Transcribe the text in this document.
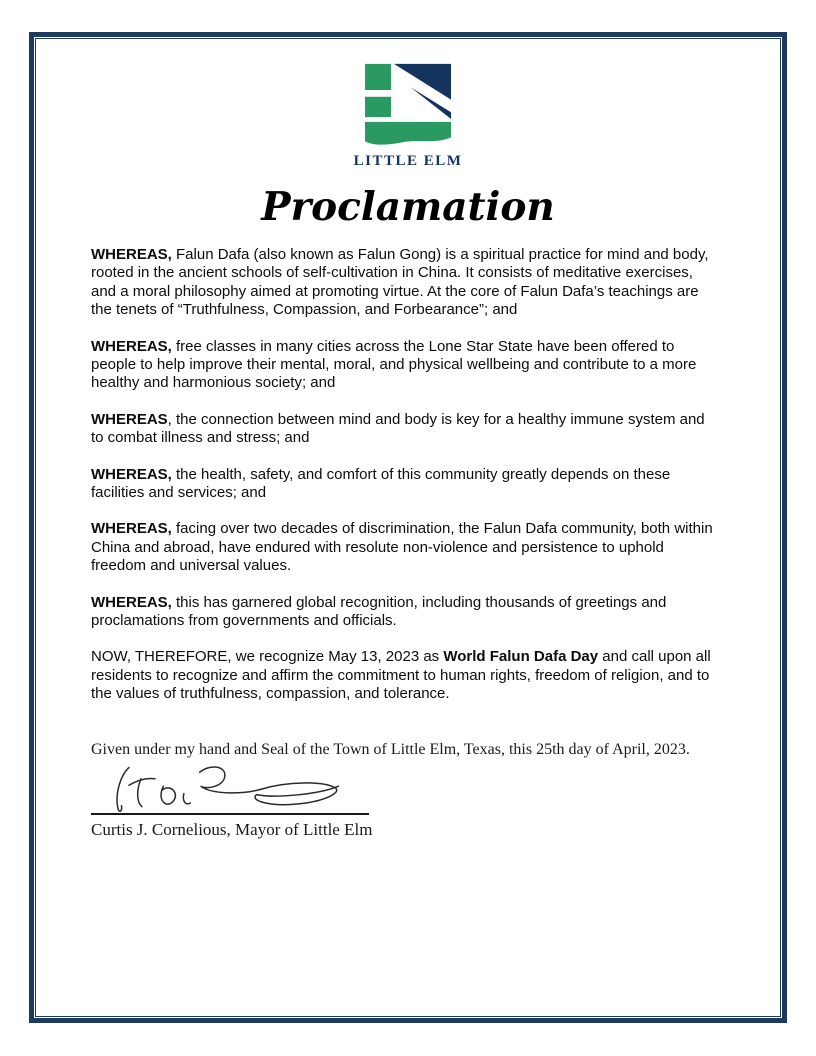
LITTLE ELM
Proclamation

WHEREAS, Falun Dafa (also known as Falun Gong) is a spiritual practice for mind and body, rooted in the ancient schools of self-cultivation in China. It consists of meditative exercises, and a moral philosophy aimed at promoting virtue. At the core of Falun Dafa’s teachings are the tenets of “Truthfulness, Compassion, and Forbearance”; and

WHEREAS, free classes in many cities across the Lone Star State have been offered to people to help improve their mental, moral, and physical wellbeing and contribute to a more healthy and harmonious society; and

WHEREAS, the connection between mind and body is key for a healthy immune system and to combat illness and stress; and

WHEREAS, the health, safety, and comfort of this community greatly depends on these facilities and services; and

WHEREAS, facing over two decades of discrimination, the Falun Dafa community, both within China and abroad, have endured with resolute non-violence and persistence to uphold freedom and universal values.

WHEREAS, this has garnered global recognition, including thousands of greetings and proclamations from governments and officials.

NOW, THEREFORE, we recognize May 13, 2023 as World Falun Dafa Day and call upon all residents to recognize and affirm the commitment to human rights, freedom of religion, and to the values of truthfulness, compassion, and tolerance.

Given under my hand and Seal of the Town of Little Elm, Texas, this 25th day of April, 2023.
Curtis J. Cornelious, Mayor of Little Elm
